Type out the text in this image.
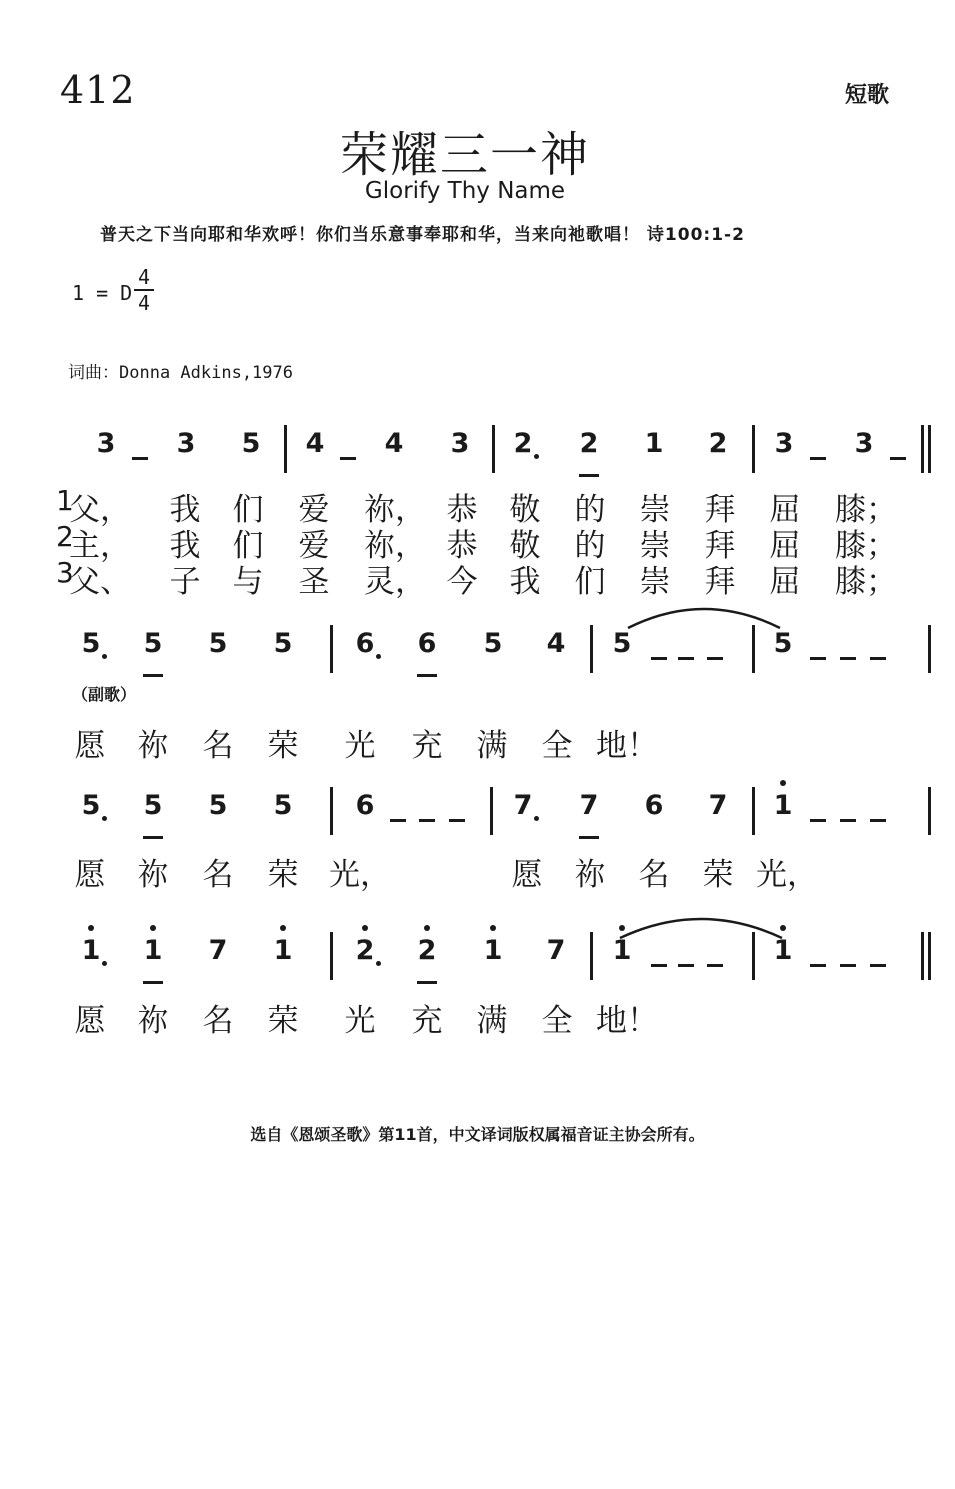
412	短歌
荣耀三一神
Glorify Thy Name
普天之下当向耶和华欢呼！你们当乐意事奉耶和华，当来向祂歌唱！ 诗100:1-2
1 = D
4
4
词曲：Donna Adkins,1976
（副歌）
3 3 5 4 4 3 2 2 1 2 3 3
1
父， 我 们 爱 祢， 恭 敬 的 崇 拜 屈 膝；
2
主， 我 们 爱 祢， 恭 敬 的 崇 拜 屈 膝；
3
父、 子 与 圣 灵， 今 我 们 崇 拜 屈 膝；
5 5 5 5 6 6 5 4 5	5
愿 祢 名 荣 光 充 满 全 地！
5 5 5 5 6	7 7 6 7 1
愿 祢 名 荣 光，	愿 祢 名 荣 光，
1 1 7 1 2 2 1 7 1	1
愿 祢 名 荣 光 充 满 全 地！
选自《恩颂圣歌》第11首，中文译词版权属福音证主协会所有。
